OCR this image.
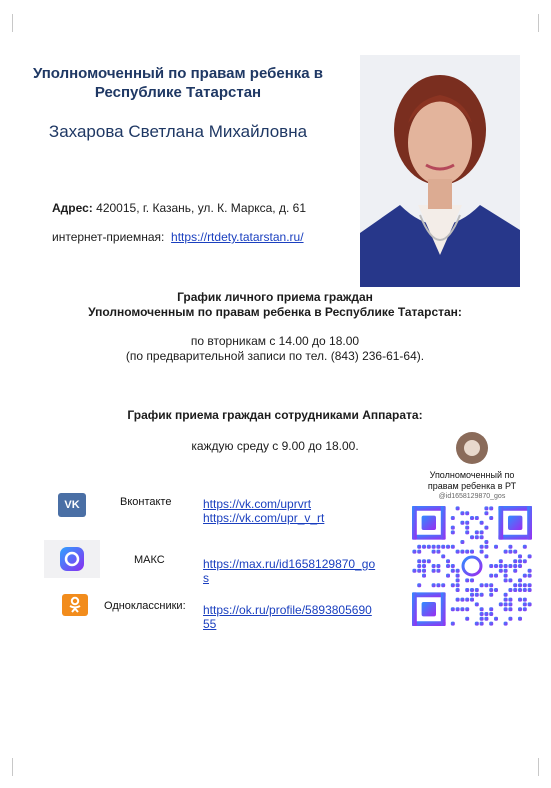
Уполномоченный по правам ребенка в
Республике Татарстан
Захарова Светлана Михайловна
Адрес: 420015, г. Казань, ул. К. Маркса, д. 61
интернет-приемная: https://rtdety.tatarstan.ru/
График личного приема граждан
Уполномоченным по правам ребенка в Республике Татарстан:
по вторникам с 14.00 до 18.00
(по предварительной записи по тел. (843) 236-61-64).
График приема граждан сотрудниками Аппарата:
каждую среду с 9.00 до 18.00.
VK	Вконтакте	https://vk.com/uprvrt
https://vk.com/upr_v_rt
МАКС	https://max.ru/id1658129870_go
s
Одноклассники: https://ok.ru/profile/5893805690
55
Уполномоченный по
правам ребенка в РТ
@id1658129870_gos
